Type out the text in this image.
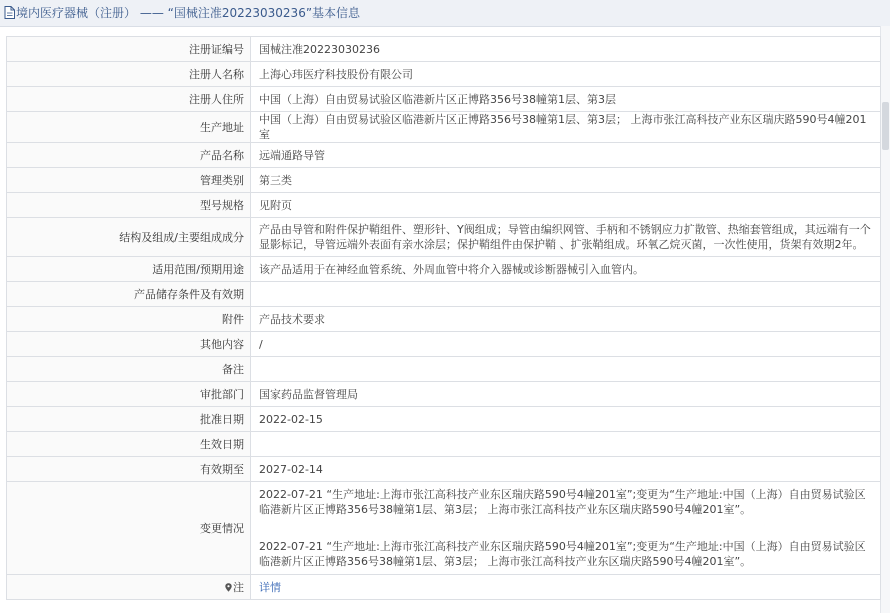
境内医疗器械（注册） —— “国械注准20223030236”基本信息
注册证编号	国械注准20223030236
注册人名称	上海心玮医疗科技股份有限公司
注册人住所	中国（上海）自由贸易试验区临港新片区正博路356号38幢第1层、第3层
生产地址	中国（上海）自由贸易试验区临港新片区正博路356号38幢第1层、第3层； 上海市张江高科技产业东区瑞庆路590号4幢201室
产品名称	远端通路导管
管理类别	第三类
型号规格	见附页
结构及组成/主要组成成分	产品由导管和附件保护鞘组件、塑形针、Y阀组成；导管由编织网管、手柄和不锈钢应力扩散管、热缩套管组成，其远端有一个显影标记，导管远端外表面有亲水涂层；保护鞘组件由保护鞘 、扩张鞘组成。环氧乙烷灭菌，一次性使用，货架有效期2年。
适用范围/预期用途	该产品适用于在神经血管系统、外周血管中将介入器械或诊断器械引入血管内。
产品储存条件及有效期	
附件	产品技术要求
其他内容	/
备注	
审批部门	国家药品监督管理局
批准日期	2022-02-15
生效日期	
有效期至	2027-02-14
变更情况	2022-07-21 “生产地址:上海市张江高科技产业东区瑞庆路590号4幢201室”;变更为“生产地址:中国（上海）自由贸易试验区临港新片区正博路356号38幢第1层、第3层； 上海市张江高科技产业东区瑞庆路590号4幢201室”。
2022-07-21 “生产地址:上海市张江高科技产业东区瑞庆路590号4幢201室”;变更为“生产地址:中国（上海）自由贸易试验区临港新片区正博路356号38幢第1层、第3层； 上海市张江高科技产业东区瑞庆路590号4幢201室”。

注	详情
